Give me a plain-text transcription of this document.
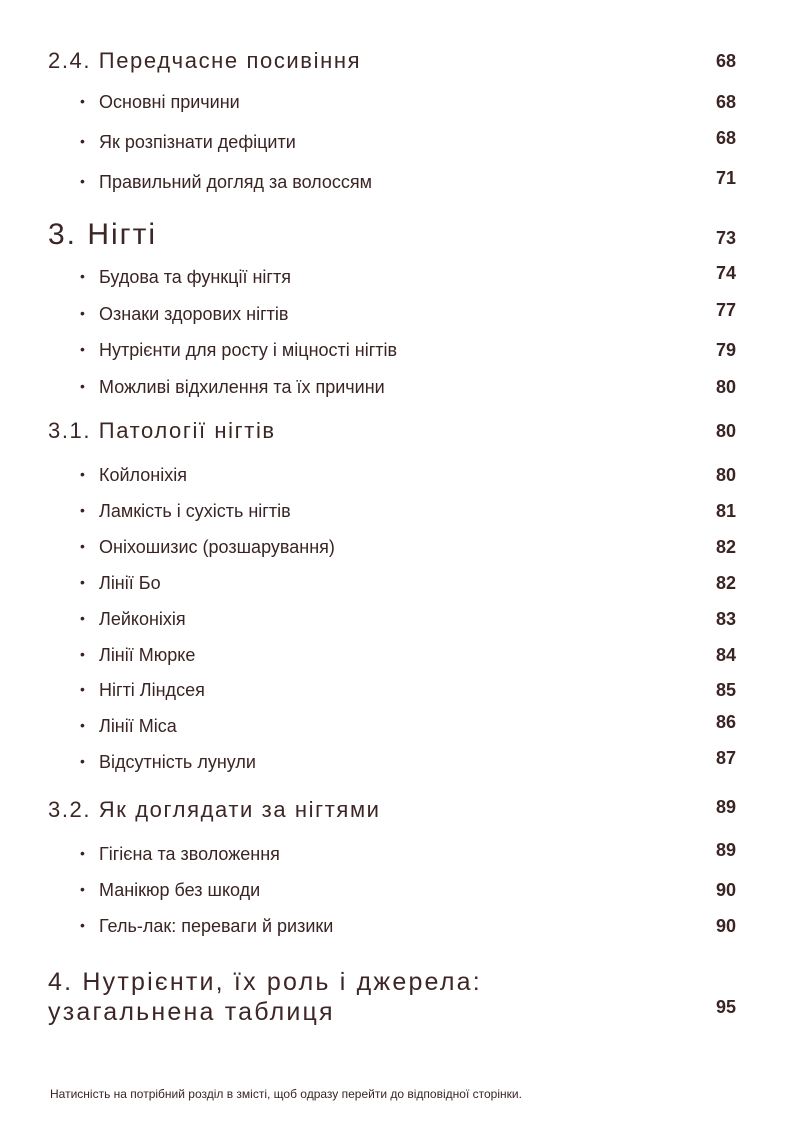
2.4. Передчасне посивіння	68
• Основні причини	68
• Як розпізнати дефіцити	68
• Правильний догляд за волоссям	71
3. Нігті	73
• Будова та функції нігтя	74
• Ознаки здорових нігтів	77
• Нутрієнти для росту і міцності нігтів	79
• Можливі відхилення та їх причини	80
3.1. Патології нігтів	80
• Койлоніхія	80
• Ламкість і сухість нігтів	81
• Оніхошизис (розшарування)	82
• Лінії Бо	82
• Лейконіхія	83
• Лінії Мюрке	84
• Нігті Ліндсея	85
• Лінії Міса	86
• Відсутність лунули	87
3.2. Як доглядати за нігтями	89
• Гігієна та зволоження	89
• Манікюр без шкоди	90
• Гель-лак: переваги й ризики	90
4. Нутрієнти, їх роль і джерела:
узагальнена таблиця	95
Натисність на потрібний розділ в змісті, щоб одразу перейти до відповідної сторінки.
